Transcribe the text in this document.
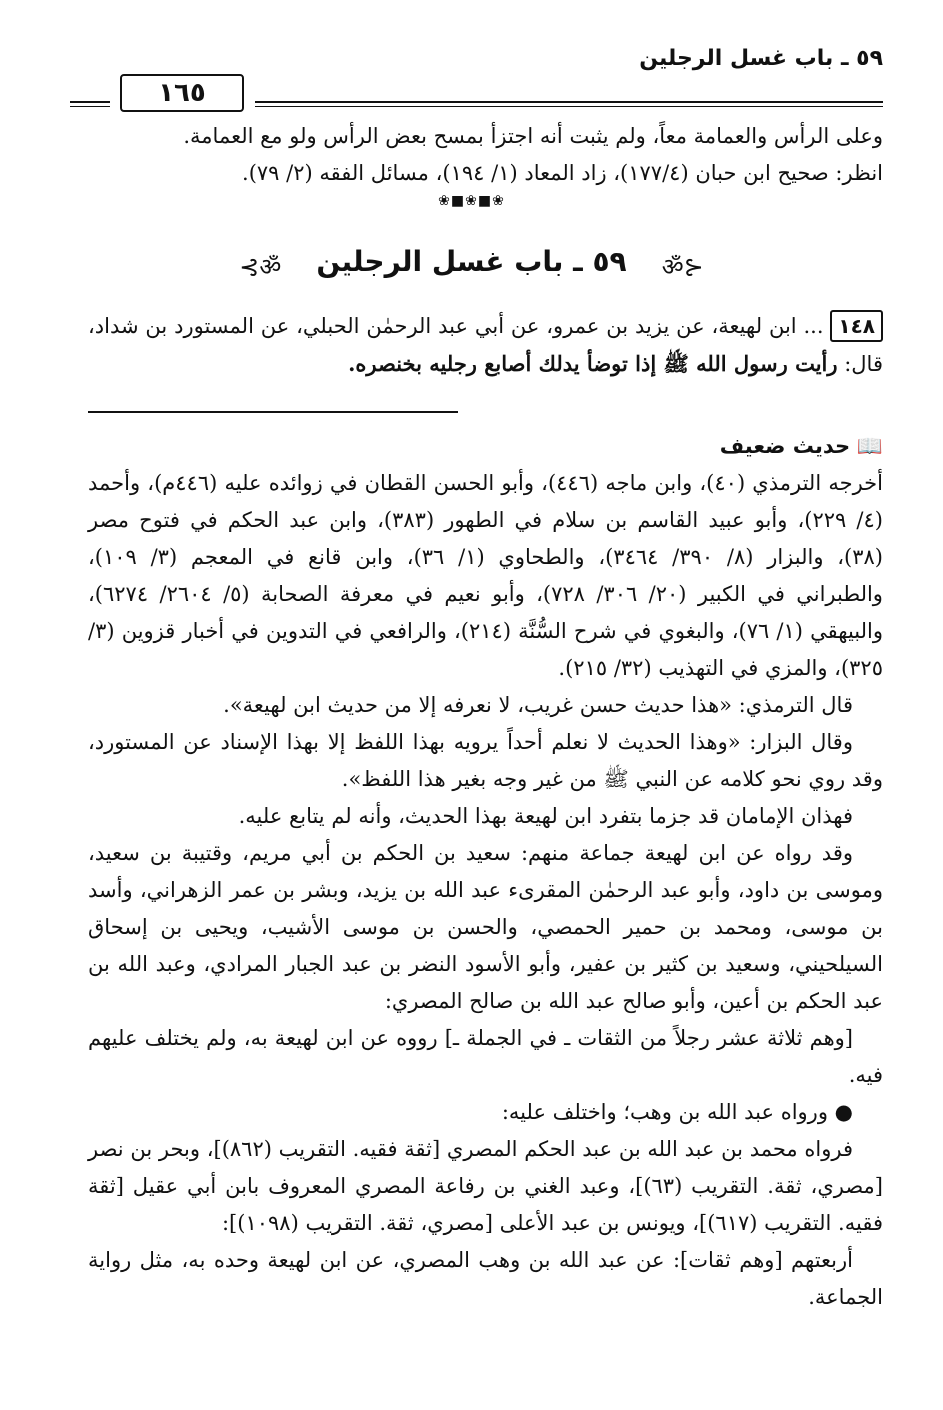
٥٩ ـ باب غسل الرجلين
١٦٥

وعلى الرأس والعمامة معاً، ولم يثبت أنه اجتزأ بمسح بعض الرأس ولو مع العمامة.

انظر: صحيح ابن حبان (١٧٧/٤)، زاد المعاد (١/ ١٩٤)، مسائل الفقه (٢/ ٧٩).

❀■❀■❀
⊰ॐ ٥٩ ـ باب غسل الرجلين ॐ⊱

١٤٨ ... ابن لهيعة، عن يزيد بن عمرو، عن أبي عبد الرحمٰن الحبلي، عن المستورد بن شداد، قال: رأيت رسول الله ﷺ إذا توضأ يدلك أصابع رجليه بخنصره.

📖 حديث ضعيف

أخرجه الترمذي (٤٠)، وابن ماجه (٤٤٦)، وأبو الحسن القطان في زوائده عليه (٤٤٦م)، وأحمد (٤/ ٢٢٩)، وأبو عبيد القاسم بن سلام في الطهور (٣٨٣)، وابن عبد الحكم في فتوح مصر (٣٨)، والبزار (٨/ ٣٩٠/ ٣٤٦٤)، والطحاوي (١/ ٣٦)، وابن قانع في المعجم (٣/ ١٠٩)، والطبراني في الكبير (٢٠/ ٣٠٦/ ٧٢٨)، وأبو نعيم في معرفة الصحابة (٥/ ٢٦٠٤/ ٦٢٧٤)، والبيهقي (١/ ٧٦)، والبغوي في شرح السُّنَّة (٢١٤)، والرافعي في التدوين في أخبار قزوين (٣/ ٣٢٥)، والمزي في التهذيب (٣٢/ ٢١٥).

قال الترمذي: «هذا حديث حسن غريب، لا نعرفه إلا من حديث ابن لهيعة».

وقال البزار: «وهذا الحديث لا نعلم أحداً يرويه بهذا اللفظ إلا بهذا الإسناد عن المستورد، وقد روي نحو كلامه عن النبي ﷺ من غير وجه بغير هذا اللفظ».

فهذان الإمامان قد جزما بتفرد ابن لهيعة بهذا الحديث، وأنه لم يتابع عليه.

وقد رواه عن ابن لهيعة جماعة منهم: سعيد بن الحكم بن أبي مريم، وقتيبة بن سعيد، وموسى بن داود، وأبو عبد الرحمٰن المقرىء عبد الله بن يزيد، وبشر بن عمر الزهراني، وأسد بن موسى، ومحمد بن حمير الحمصي، والحسن بن موسى الأشيب، ويحيى بن إسحاق السيلحيني، وسعيد بن كثير بن عفير، وأبو الأسود النضر بن عبد الجبار المرادي، وعبد الله بن عبد الحكم بن أعين، وأبو صالح عبد الله بن صالح المصري:

[وهم ثلاثة عشر رجلاً من الثقات ـ في الجملة ـ] رووه عن ابن لهيعة به، ولم يختلف عليهم فيه.

● ورواه عبد الله بن وهب؛ واختلف عليه:

فرواه محمد بن عبد الله بن عبد الحكم المصري [ثقة فقيه. التقريب (٨٦٢)]، وبحر بن نصر [مصري، ثقة. التقريب (٦٣)]، وعبد الغني بن رفاعة المصري المعروف بابن أبي عقيل [ثقة فقيه. التقريب (٦١٧)]، ويونس بن عبد الأعلى [مصري، ثقة. التقريب (١٠٩٨)]:

أربعتهم [وهم ثقات]: عن عبد الله بن وهب المصري، عن ابن لهيعة وحده به، مثل رواية الجماعة.
